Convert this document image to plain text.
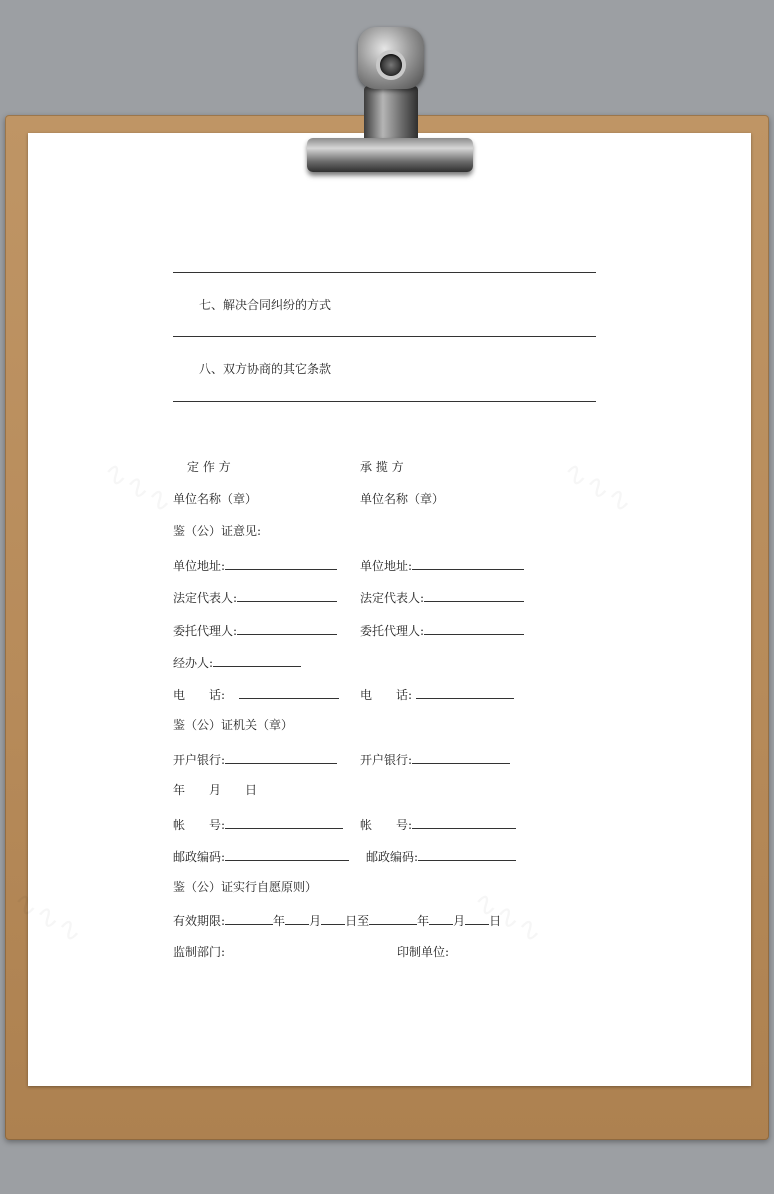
七、解决合同纠纷的方式
八、双方协商的其它条款
定 作 方	承 揽 方
单位名称（章）	单位名称（章）
鉴（公）证意见:
单位地址:	单位地址:
法定代表人:	法定代表人:
委托代理人:	委托代理人:
经办人:
电　　话:	电　　话:
鉴（公）证机关（章）
开户银行:	开户银行:
年　　月　　日
帐　　号:	帐　　号:
邮政编码:	邮政编码:
鉴（公）证实行自愿原则）
有效期限:	年 月 日至	年 月 日
监制部门:	印制单位:
